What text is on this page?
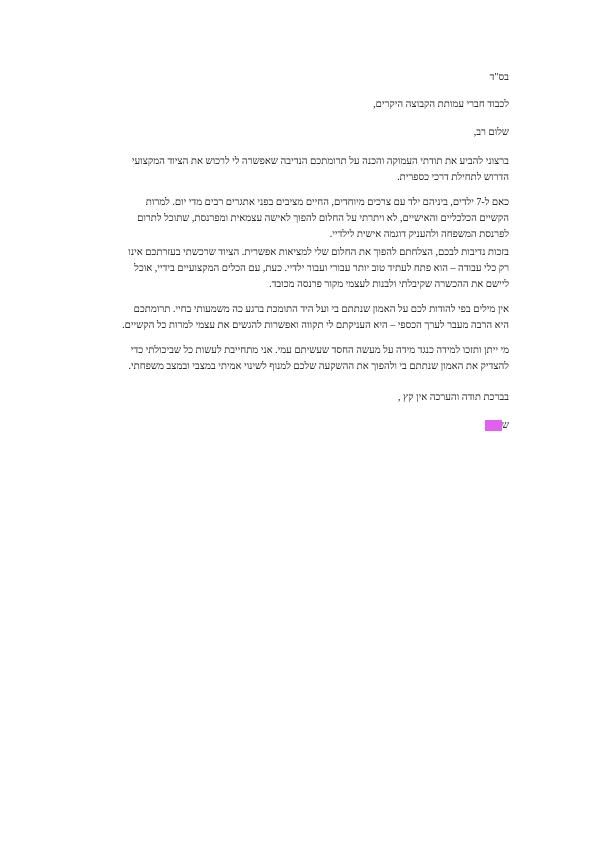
בס"ד
לכבוד חברי עמותת הקבוצה היקרים,
שלום רב,
ברצוני להביע את תודתי העמוקה והכנה על תרומתכם הנדיבה שאפשרה לי לרכוש את הציוד המקצועי
הדרוש לתחילת דרכי כספרית.
כאם ל-7 ילדים, ביניהם ילד עם צרכים מיוחדים, החיים מציבים בפני אתגרים רבים מדי יום. למרות
הקשיים הכלכליים והאישיים, לא ויתרתי על החלום להפוך לאישה עצמאית ומפרנסת, שתוכל לתרום
לפרנסת המשפחה ולהעניק דוגמה אישית לילדיי.
בזכות נדיבות לבכם, הצלחתם להפוך את החלום שלי למציאות אפשרית. הציוד שרכשתי בעזרתכם אינו
רק כלי עבודה – הוא פתח לעתיד טוב יותר עבורי ועבור ילדיי. כעת, עם הכלים המקצועיים בידיי, אוכל
ליישם את ההכשרה שקיבלתי ולבנות לעצמי מקור פרנסה מכובד.
אין מילים בפי להודות לכם על האמון שנתתם בי ועל היד התומכת ברגע כה משמעותי בחיי. תרומתכם
היא הרבה מעבר לערך הכספי – היא העניקתם לי תקווה ואפשרות להגשים את עצמי למרות כל הקשיים.
מי ייתן ותזכו למידה כנגד מידה על מעשה החסד שעשיתם עמי. אני מתחייבת לעשות כל שביכולתי כדי
להצדיק את האמון שנתתם בי ולהפוך את ההשקעה שלכם למנוף לשינוי אמיתי במצבי ובמצב משפחתי.
בברכת תודה והערכה אין קץ ,
ש
